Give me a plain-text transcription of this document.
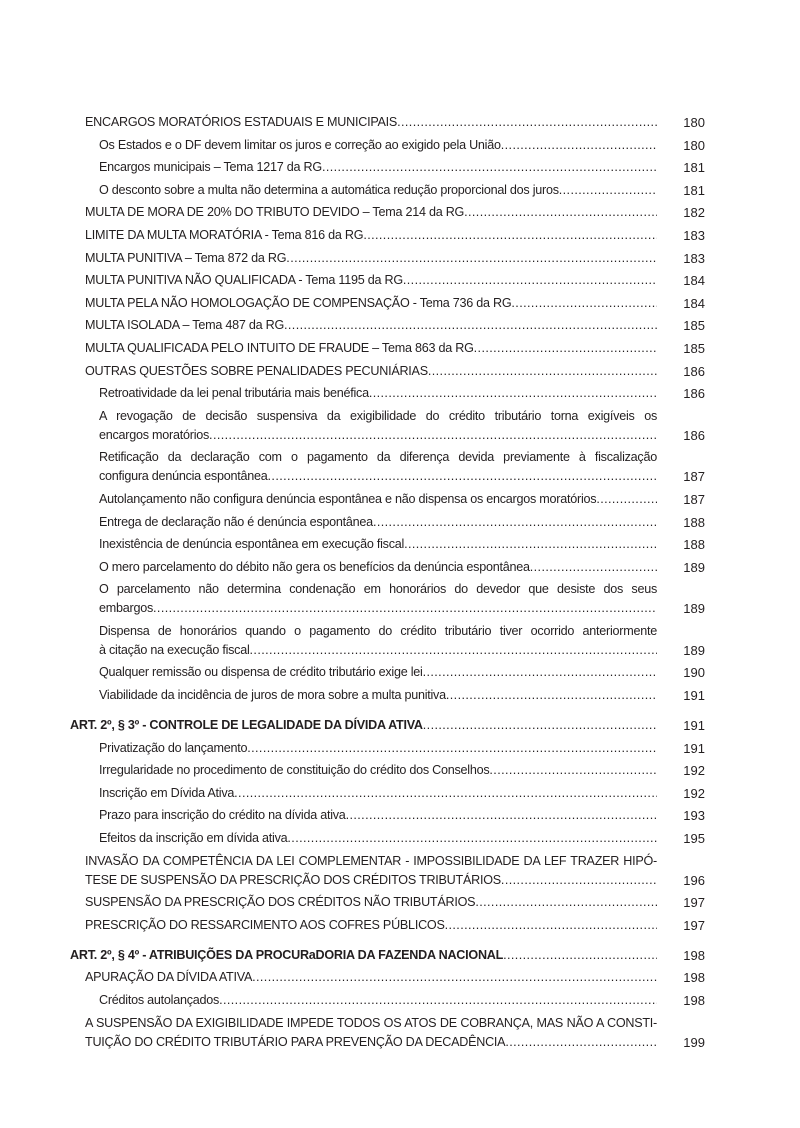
ENCARGOS MORATÓRIOS ESTADUAIS E MUNICIPAIS .....	180
Os Estados e o DF devem limitar os juros e correção ao exigido pela União .....	180
Encargos municipais – Tema 1217 da RG .....	181
O desconto sobre a multa não determina a automática redução proporcional dos juros .....	181
MULTA DE MORA DE 20% DO TRIBUTO DEVIDO – Tema 214 da RG .....	182
LIMITE DA MULTA MORATÓRIA - Tema 816 da RG .....	183
MULTA PUNITIVA – Tema 872 da RG .....	183
MULTA PUNITIVA NÃO QUALIFICADA - Tema 1195 da RG .....	184
MULTA PELA NÃO HOMOLOGAÇÃO DE COMPENSAÇÃO - Tema 736 da RG .....	184
MULTA ISOLADA – Tema 487 da RG .....	185
MULTA QUALIFICADA PELO INTUITO DE FRAUDE – Tema 863 da RG .....	185
OUTRAS QUESTÕES SOBRE PENALIDADES PECUNIÁRIAS .....	186
Retroatividade da lei penal tributária mais benéfica .....	186
A revogação de decisão suspensiva da exigibilidade do crédito tributário torna exigíveis os
encargos moratórios .....	186
Retificação da declaração com o pagamento da diferença devida previamente à fiscalização
configura denúncia espontânea .....	187
Autolançamento não configura denúncia espontânea e não dispensa os encargos moratórios .....	187
Entrega de declaração não é denúncia espontânea .....	188
Inexistência de denúncia espontânea em execução fiscal .....	188
O mero parcelamento do débito não gera os benefícios da denúncia espontânea .....	189
O parcelamento não determina condenação em honorários do devedor que desiste dos seus
embargos .....	189
Dispensa de honorários quando o pagamento do crédito tributário tiver ocorrido anteriormente
à citação na execução fiscal .....	189
Qualquer remissão ou dispensa de crédito tributário exige lei .....	190
Viabilidade da incidência de juros de mora sobre a multa punitiva .....	191
ART. 2º, § 3º - CONTROLE DE LEGALIDADE DA DÍVIDA ATIVA .....	191
Privatização do lançamento .....	191
Irregularidade no procedimento de constituição do crédito dos Conselhos .....	192
Inscrição em Dívida Ativa .....	192
Prazo para inscrição do crédito na dívida ativa .....	193
Efeitos da inscrição em dívida ativa .....	195
INVASÃO DA COMPETÊNCIA DA LEI COMPLEMENTAR - IMPOSSIBILIDADE DA LEF TRAZER HIPÓ-
TESE DE SUSPENSÃO DA PRESCRIÇÃO DOS CRÉDITOS TRIBUTÁRIOS .....	196
SUSPENSÃO DA PRESCRIÇÃO DOS CRÉDITOS NÃO TRIBUTÁRIOS .....	197
PRESCRIÇÃO DO RESSARCIMENTO AOS COFRES PÚBLICOS .....	197
ART. 2º, § 4º - ATRIBUIÇÕES DA PROCURaDORIA DA FAZENDA NACIONAL .....	198
APURAÇÃO DA DÍVIDA ATIVA .....	198
Créditos autolançados .....	198
A SUSPENSÃO DA EXIGIBILIDADE IMPEDE TODOS OS ATOS DE COBRANÇA, MAS NÃO A CONSTI-
TUIÇÃO DO CRÉDITO TRIBUTÁRIO PARA PREVENÇÃO DA DECADÊNCIA .....	199
